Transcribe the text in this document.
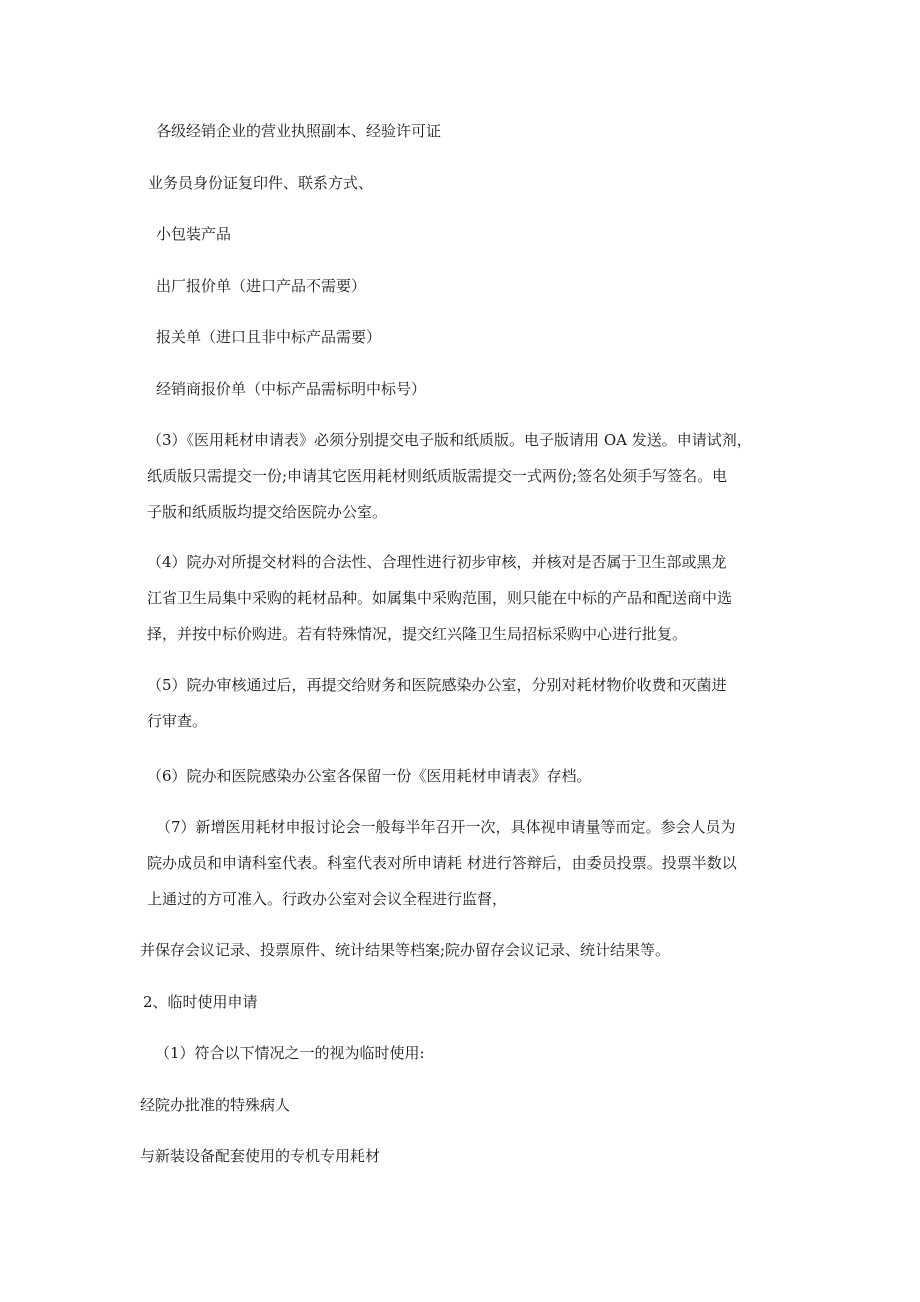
各级经销企业的营业执照副本、经验许可证
业务员身份证复印件、联系方式、
小包装产品
出厂报价单（进口产品不需要）
报关单（进口且非中标产品需要）
经销商报价单（中标产品需标明中标号）
（3）《医用耗材申请表》必须分别提交电子版和纸质版。电子版请用 OA 发送。申请试剂，
纸质版只需提交一份;申请其它医用耗材则纸质版需提交一式两份;签名处须手写签名。电
子版和纸质版均提交给医院办公室。
（4）院办对所提交材料的合法性、合理性进行初步审核，并核对是否属于卫生部或黑龙
江省卫生局集中采购的耗材品种。如属集中采购范围，则只能在中标的产品和配送商中选
择，并按中标价购进。若有特殊情况，提交红兴隆卫生局招标采购中心进行批复。
（5）院办审核通过后，再提交给财务和医院感染办公室，分别对耗材物价收费和灭菌进
行审查。
（6）院办和医院感染办公室各保留一份《医用耗材申请表》存档。
（7）新增医用耗材申报讨论会一般每半年召开一次，具体视申请量等而定。参会人员为
院办成员和申请科室代表。科室代表对所申请耗 材进行答辩后，由委员投票。投票半数以
上通过的方可准入。行政办公室对会议全程进行监督，
并保存会议记录、投票原件、统计结果等档案;院办留存会议记录、统计结果等。
2、临时使用申请
（1）符合以下情况之一的视为临时使用:
经院办批准的特殊病人
与新装设备配套使用的专机专用耗材
